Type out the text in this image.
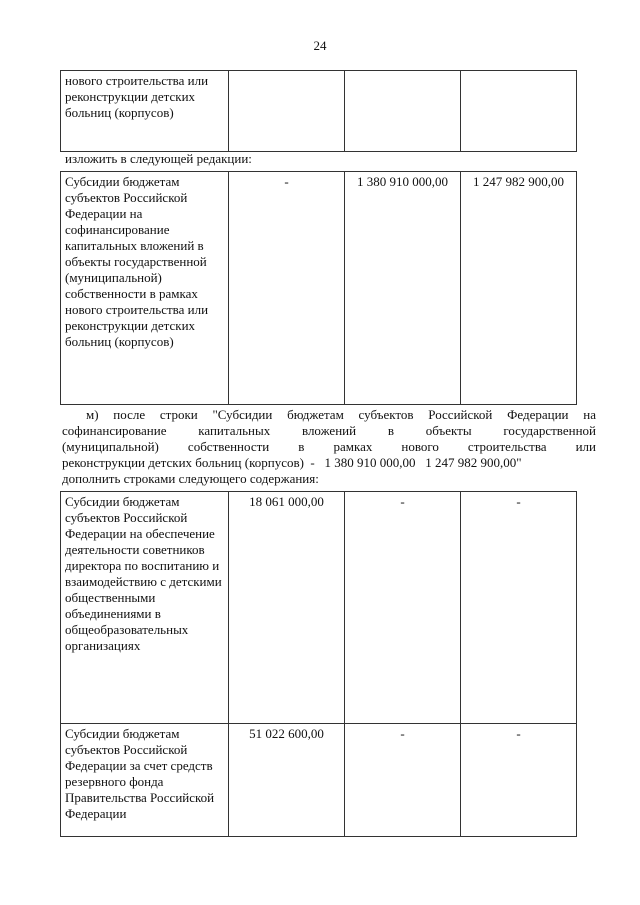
24
нового строительства или реконструкции детских больниц (корпусов)			
изложить в следующей редакции:
Субсидии бюджетам субъектов Российской Федерации на софинансирование капитальных вложений в объекты государственной (муниципальной) собственности в рамках нового строительства или реконструкции детских больниц (корпусов)	-	1 380 910 000,00	1 247 982 900,00
м) после строки "Субсидии бюджетам субъектов Российской Федерации на
софинансирование капитальных вложений в объекты государственной
(муниципальной) собственности в рамках нового строительства или
реконструкции детских больниц (корпусов)  -   1 380 910 000,00   1 247 982 900,00"
дополнить строками следующего содержания:
Субсидии бюджетам субъектов Российской Федерации на обеспечение деятельности советников директора по воспитанию и взаимодействию с детскими общественными объединениями в общеобразовательных организациях	18 061 000,00	-	-
Субсидии бюджетам субъектов Российской Федерации за счет средств резервного фонда Правительства Российской Федерации	51 022 600,00	-	-
